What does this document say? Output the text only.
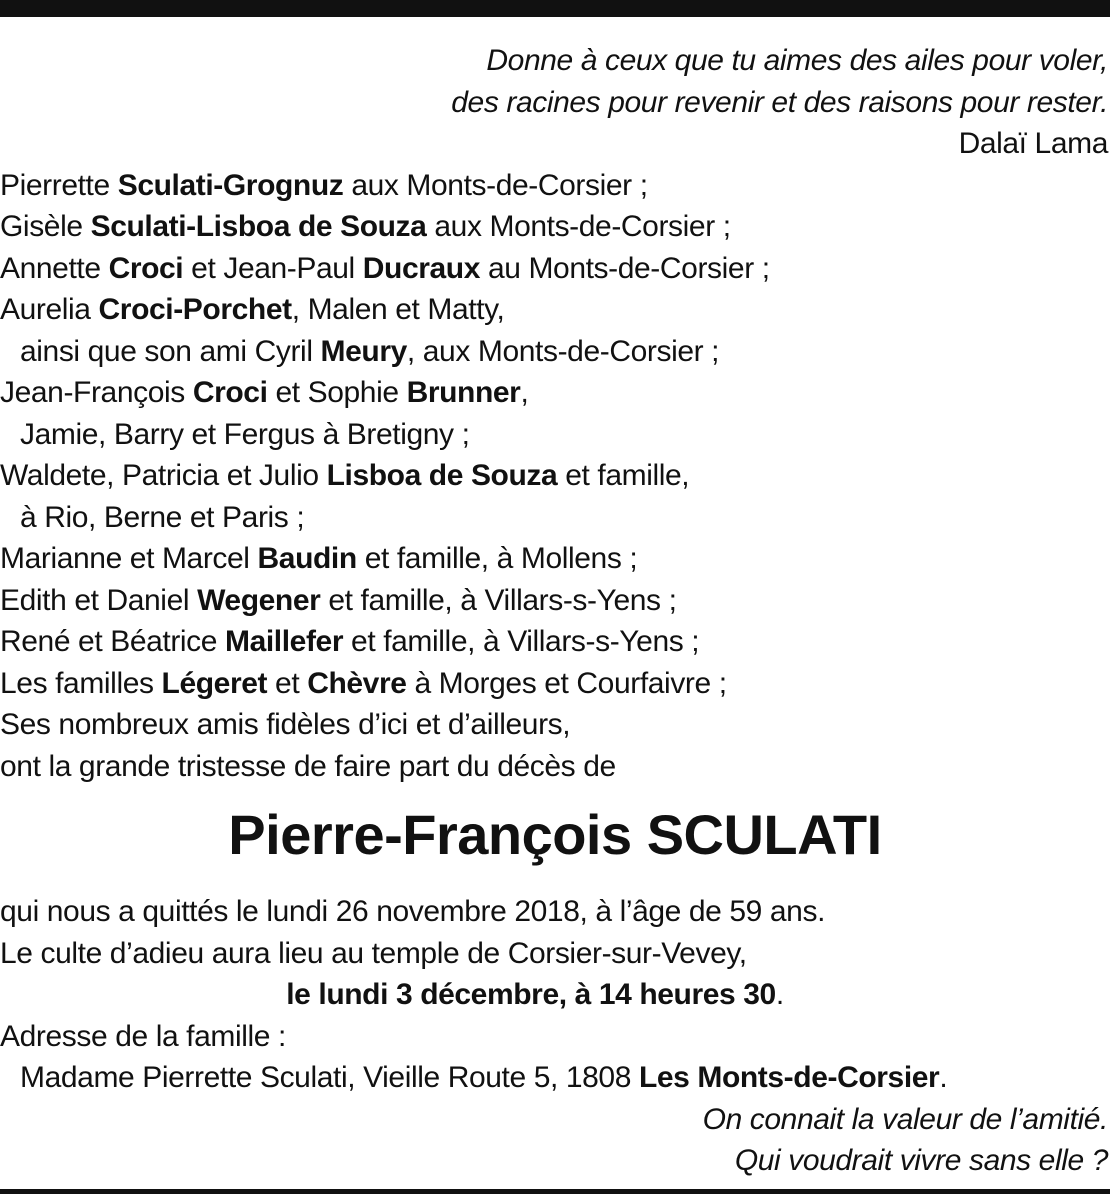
Donne à ceux que tu aimes des ailes pour voler,
des racines pour revenir et des raisons pour rester.
Dalaï Lama
Pierrette Sculati-Grognuz aux Monts-de-Corsier ;
Gisèle Sculati-Lisboa de Souza aux Monts-de-Corsier ;
Annette Croci et Jean-Paul Ducraux au Monts-de-Corsier ;
Aurelia Croci-Porchet, Malen et Matty,
ainsi que son ami Cyril Meury, aux Monts-de-Corsier ;
Jean-François Croci et Sophie Brunner,
Jamie, Barry et Fergus à Bretigny ;
Waldete, Patricia et Julio Lisboa de Souza et famille,
à Rio, Berne et Paris ;
Marianne et Marcel Baudin et famille, à Mollens ;
Edith et Daniel Wegener et famille, à Villars-s-Yens ;
René et Béatrice Maillefer et famille, à Villars-s-Yens ;
Les familles Légeret et Chèvre à Morges et Courfaivre ;
Ses nombreux amis fidèles d’ici et d’ailleurs,
ont la grande tristesse de faire part du décès de
Pierre-François SCULATI
qui nous a quittés le lundi 26 novembre 2018, à l’âge de 59 ans.
Le culte d’adieu aura lieu au temple de Corsier-sur-Vevey,
le lundi 3 décembre, à 14 heures 30.
Adresse de la famille :
Madame Pierrette Sculati, Vieille Route 5, 1808 Les Monts-de-Corsier.
On connait la valeur de l’amitié.
Qui voudrait vivre sans elle ?
